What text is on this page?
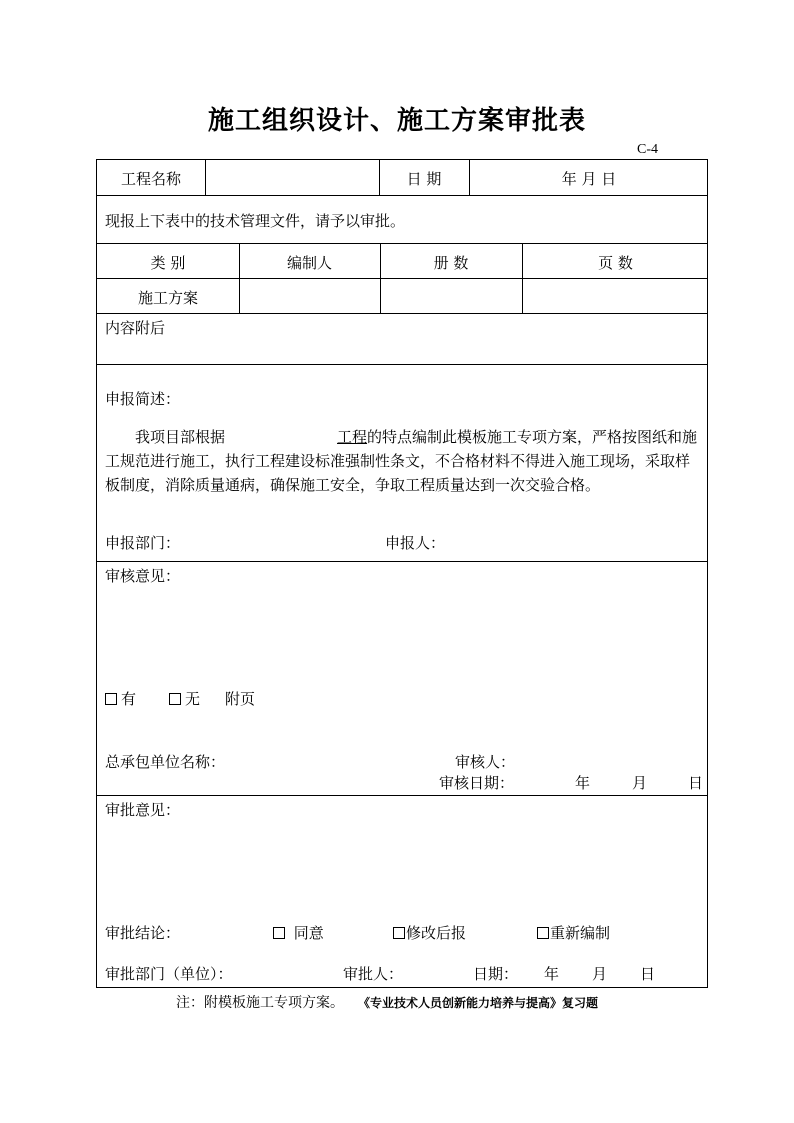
施工组织设计、施工方案审批表
C-4
工程名称	日 期	年 月 日
现报上下表中的技术管理文件，请予以审批。
类 别	编制人	册 数	页 数
施工方案
内容附后
申报简述：
我项目部根据	工程的特点编制此模板施工专项方案，严格按图纸和施工规范进行施工，执行工程建设标准强制性条文，不合格材料不得进入施工现场，采取样板制度，消除质量通病，确保施工安全，争取工程质量达到一次交验合格。
申报部门：	申报人：
审核意见：
有	无 附页
总承包单位名称：	审核人：
审核日期：	年	月	日
审批意见：
审批结论：	同意	修改后报	重新编制
审批部门（单位）：	审批人：	日期： 年 月 日
注：附模板施工专项方案。 《专业技术人员创新能力培养与提高》复习题
